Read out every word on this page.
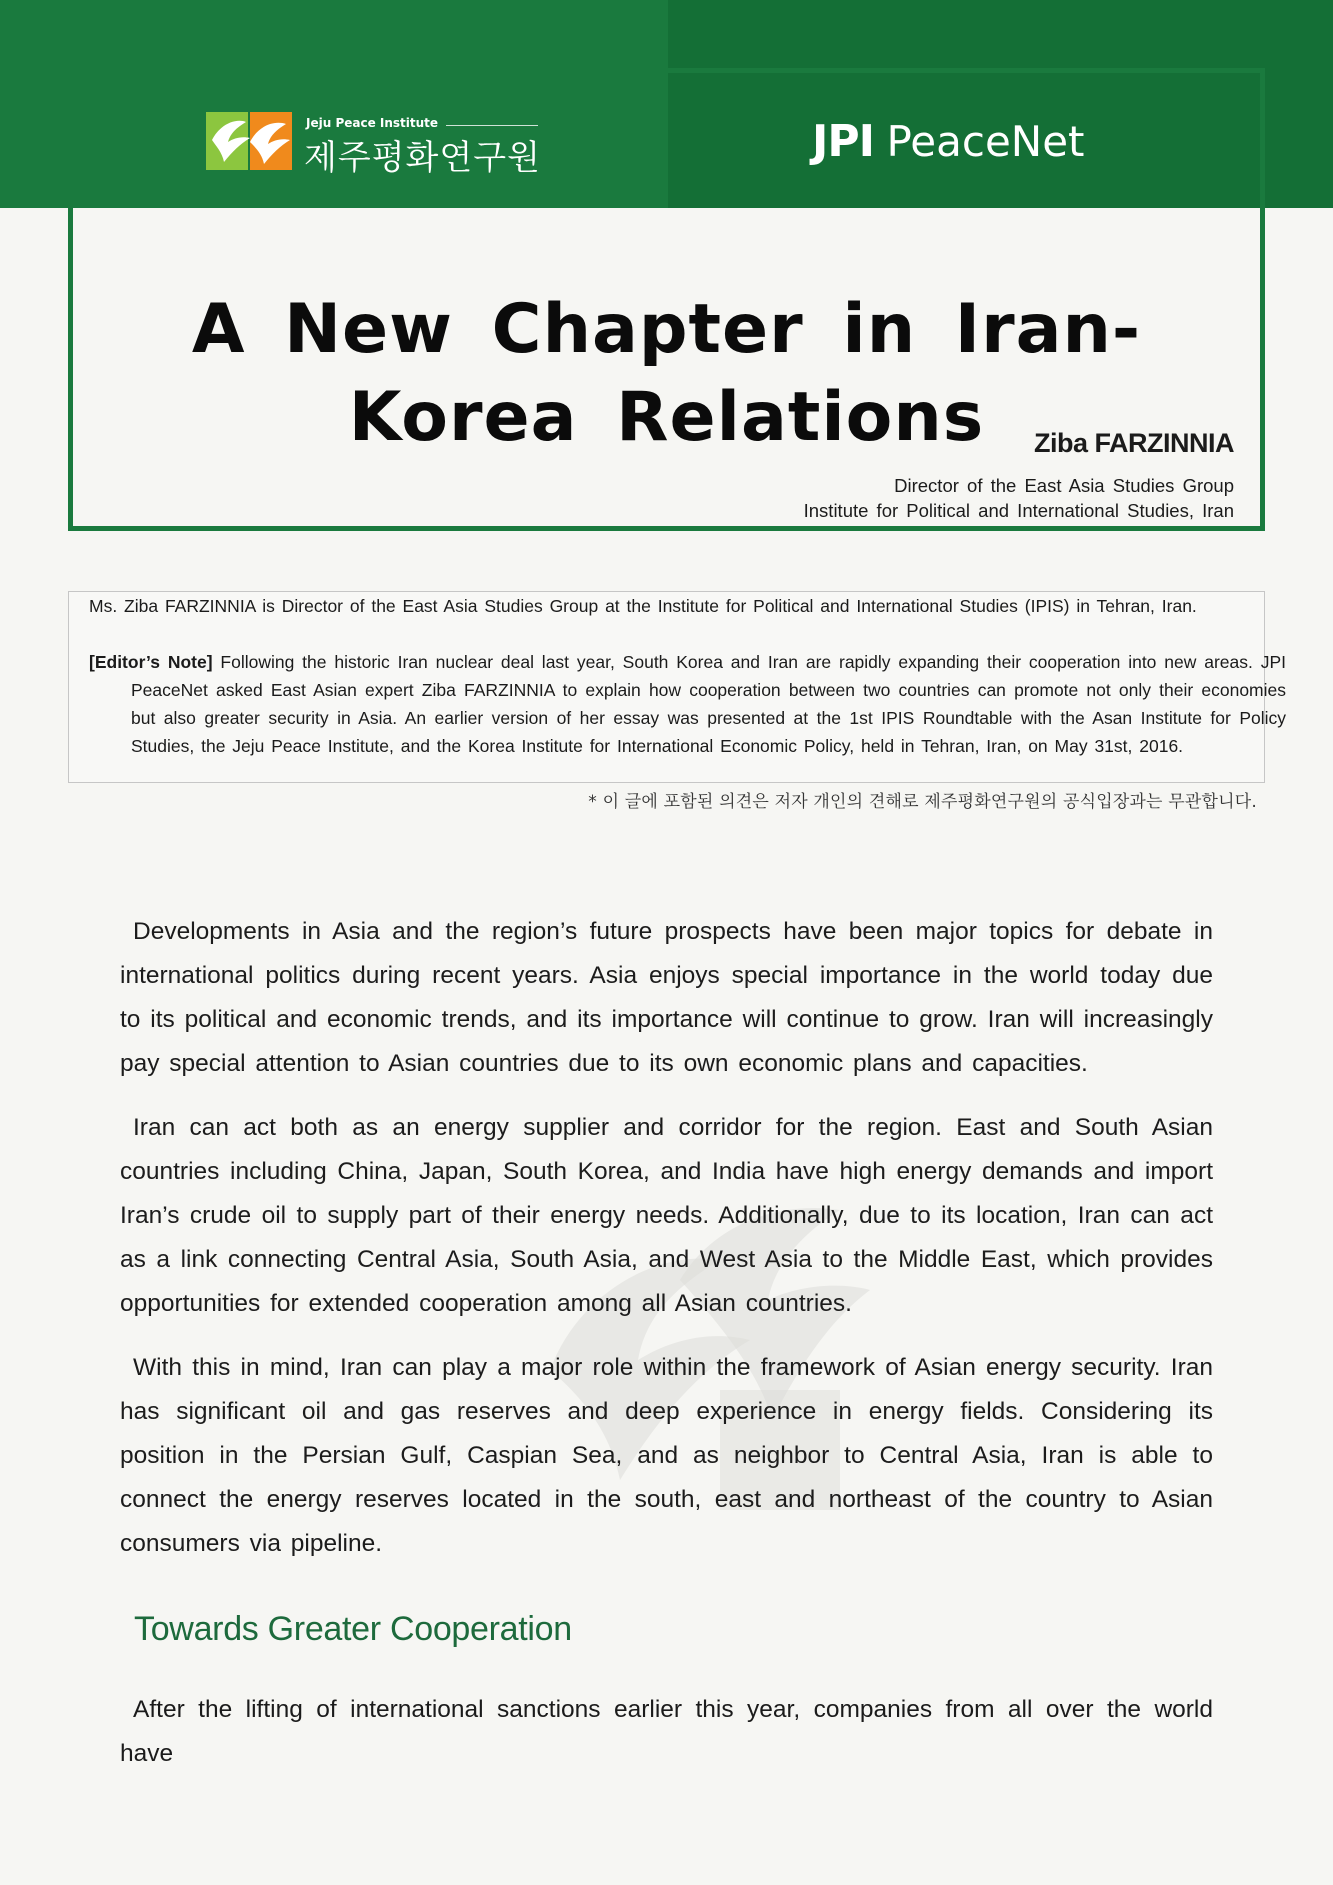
Jeju Peace Institute
제주평화연구원	JPI PeaceNet
A New Chapter in Iran- Korea Relations	Ziba FARZINNIA
Director of the East Asia Studies Group
Institute for Political and International Studies, Iran

Ms. Ziba FARZINNIA is Director of the East Asia Studies Group at the Institute for Political and International Studies (IPIS) in Tehran, Iran.

[Editor’s Note] Following the historic Iran nuclear deal last year, South Korea and Iran are rapidly expanding their cooperation into new areas. JPI PeaceNet asked East Asian expert Ziba FARZINNIA to explain how cooperation between two countries can promote not only their economies but also greater security in Asia. An earlier version of her essay was presented at the 1st IPIS Roundtable with the Asan Institute for Policy Studies, the Jeju Peace Institute, and the Korea Institute for International Economic Policy, held in Tehran, Iran, on May 31st, 2016.

* 이 글에 포함된 의견은 저자 개인의 견해로 제주평화연구원의 공식입장과는 무관합니다.

Developments in Asia and the region’s future prospects have been major topics for debate in international politics during recent years. Asia enjoys special importance in the world today due to its political and economic trends, and its importance will continue to grow. Iran will increasingly pay special attention to Asian countries due to its own economic plans and capacities.

Iran can act both as an energy supplier and corridor for the region. East and South Asian countries including China, Japan, South Korea, and India have high energy demands and import Iran’s crude oil to supply part of their energy needs. Additionally, due to its location, Iran can act as a link connecting Central Asia, South Asia, and West Asia to the Middle East, which provides opportunities for extended cooperation among all Asian countries.

With this in mind, Iran can play a major role within the framework of Asian energy security. Iran has significant oil and gas reserves and deep experience in energy fields. Considering its position in the Persian Gulf, Caspian Sea, and as neighbor to Central Asia, Iran is able to connect the energy reserves located in the south, east and northeast of the country to Asian consumers via pipeline.

Towards Greater Cooperation

After the lifting of international sanctions earlier this year, companies from all over the world have
